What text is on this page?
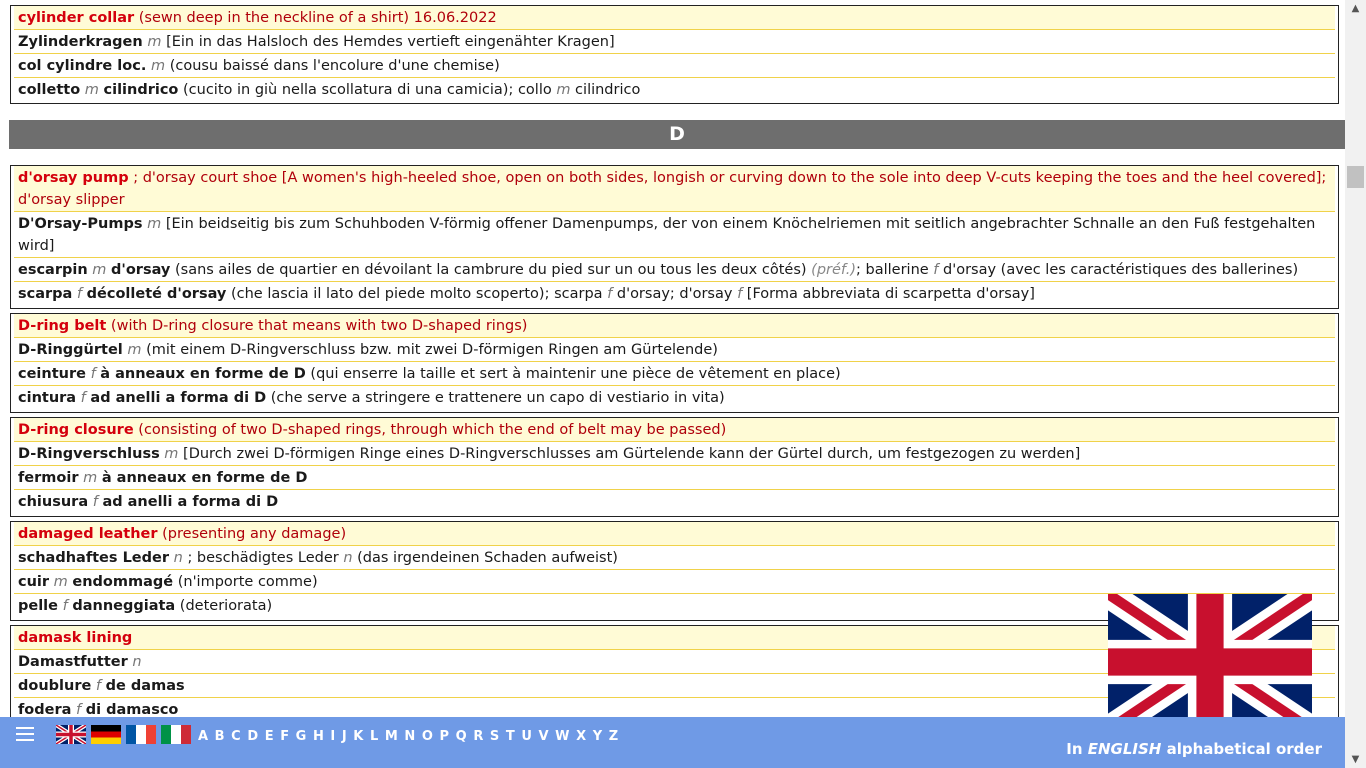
cylinder collar (sewn deep in the neckline of a shirt) 16.06.2022
Zylinderkragen m [Ein in das Halsloch des Hemdes vertieft eingenähter Kragen]
col cylindre loc. m (cousu baissé dans l'encolure d'une chemise)
colletto m cilindrico (cucito in giù nella scollatura di una camicia); collo m cilindrico
D
d'orsay pump ; d'orsay court shoe [A women's high-heeled shoe, open on both sides, longish or curving down to the sole into deep V-cuts keeping the toes and the heel covered]; d'orsay slipper
D'Orsay-Pumps m [Ein beidseitig bis zum Schuhboden V-förmig offener Damenpumps, der von einem Knöchelriemen mit seitlich angebrachter Schnalle an den Fuß festgehalten wird]
escarpin m d'orsay (sans ailes de quartier en dévoilant la cambrure du pied sur un ou tous les deux côtés) (préf.); ballerine f d'orsay (avec les caractéristiques des ballerines)
scarpa f décolleté d'orsay (che lascia il lato del piede molto scoperto); scarpa f d'orsay; d'orsay f [Forma abbreviata di scarpetta d'orsay]
D-ring belt (with D-ring closure that means with two D-shaped rings)
D-Ringgürtel m (mit einem D-Ringverschluss bzw. mit zwei D-förmigen Ringen am Gürtelende)
ceinture f à anneaux en forme de D (qui enserre la taille et sert à maintenir une pièce de vêtement en place)
cintura f ad anelli a forma di D (che serve a stringere e trattenere un capo di vestiario in vita)
D-ring closure (consisting of two D-shaped rings, through which the end of belt may be passed)
D-Ringverschluss m [Durch zwei D-förmigen Ringe eines D-Ringverschlusses am Gürtelende kann der Gürtel durch, um festgezogen zu werden]
fermoir m à anneaux en forme de D
chiusura f ad anelli a forma di D
damaged leather (presenting any damage)
schadhaftes Leder n ; beschädigtes Leder n (das irgendeinen Schaden aufweist)
cuir m endommagé (n'importe comme)
pelle f danneggiata (deteriorata)
damask lining
Damastfutter n
doublure f de damas
fodera f di damasco
A B C D E F G H I J K L M N O P Q R S T U V W X Y Z
In ENGLISH alphabetical order
▲
▼
